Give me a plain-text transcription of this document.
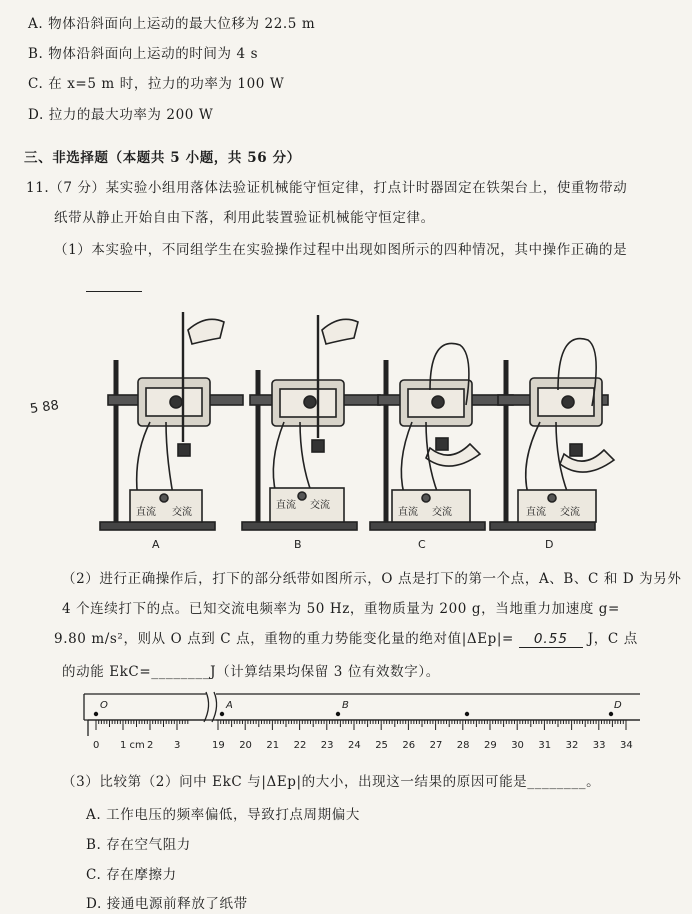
A. 物体沿斜面向上运动的最大位移为 22.5 m
B. 物体沿斜面向上运动的时间为 4 s
C. 在 x=5 m 时，拉力的功率为 100 W
D. 拉力的最大功率为 200 W
三、非选择题（本题共 5 小题，共 56 分）
11.（7 分）某实验小组用落体法验证机械能守恒定律，打点计时器固定在铁架台上，使重物带动
纸带从静止开始自由下落，利用此装置验证机械能守恒定律。
（1）本实验中，不同组学生在实验操作过程中出现如图所示的四种情况，其中操作正确的是
5 88
直流 交流
直流 交流
直流 交流	直流 交流
A	B	C	D
（2）进行正确操作后，打下的部分纸带如图所示，O 点是打下的第一个点，A、B、C 和 D 为另外
4 个连续打下的点。已知交流电频率为 50 Hz，重物质量为 200 g，当地重力加速度 g=
9.80 m/s²，则从 O 点到 C 点，重物的重力势能变化量的绝对值|ΔEp|= 0.55 J，C 点
的动能 EkC=________J（计算结果均保留 3 位有效数字）。
O	A	B	D
0 1 cm 2 3	19 20 21 22 23 24 25 26 27 28 29 30 31 32 33 34
（3）比较第（2）问中 EkC 与|ΔEp|的大小，出现这一结果的原因可能是________。
A. 工作电压的频率偏低，导致打点周期偏大
B. 存在空气阻力
C. 存在摩擦力
D. 接通电源前释放了纸带
